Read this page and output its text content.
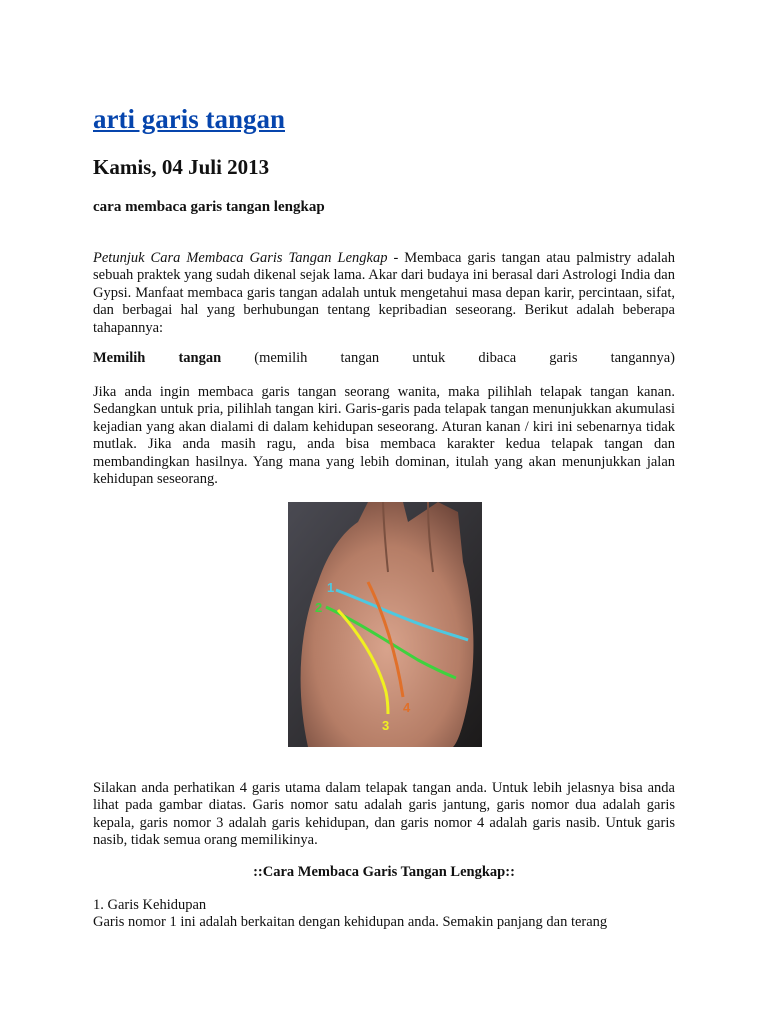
arti garis tangan
Kamis, 04 Juli 2013
cara membaca garis tangan lengkap

Petunjuk Cara Membaca Garis Tangan Lengkap - Membaca garis tangan atau palmistry adalah sebuah praktek yang sudah dikenal sejak lama. Akar dari budaya ini berasal dari Astrologi India dan Gypsi. Manfaat membaca garis tangan adalah untuk mengetahui masa depan karir, percintaan, sifat, dan berbagai hal yang berhubungan tentang kepribadian seseorang. Berikut adalah beberapa tahapannya:

Memilih tangan (memilih tangan untuk dibaca garis tangannya)

Jika anda ingin membaca garis tangan seorang wanita, maka pilihlah telapak tangan kanan. Sedangkan untuk pria, pilihlah tangan kiri. Garis-garis pada telapak tangan menunjukkan akumulasi kejadian yang akan dialami di dalam kehidupan seseorang. Aturan kanan / kiri ini sebenarnya tidak mutlak. Jika anda masih ragu, anda bisa membaca karakter kedua telapak tangan dan membandingkan hasilnya. Yang mana yang lebih dominan, itulah yang akan menunjukkan jalan kehidupan seseorang.

1
2
3
4

Silakan anda perhatikan 4 garis utama dalam telapak tangan anda. Untuk lebih jelasnya bisa anda lihat pada gambar diatas. Garis nomor satu adalah garis jantung, garis nomor dua adalah garis kepala, garis nomor 3 adalah garis kehidupan, dan garis nomor 4 adalah garis nasib. Untuk garis nasib, tidak semua orang memilikinya.

::Cara Membaca Garis Tangan Lengkap::
1. Garis Kehidupan
Garis nomor 1 ini adalah berkaitan dengan kehidupan anda. Semakin panjang dan terang
